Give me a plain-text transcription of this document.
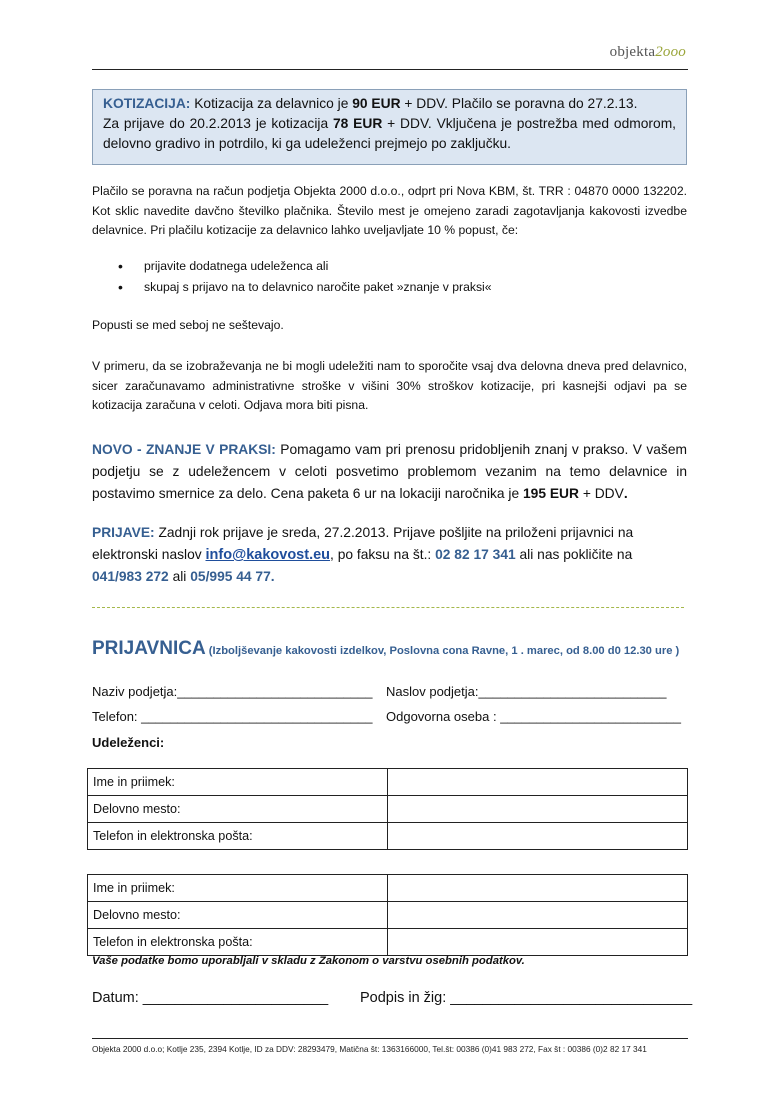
objekta2ooo

KOTIZACIJA: Kotizacija za delavnico je 90 EUR + DDV. Plačilo se poravna do 27.2.13.

Za prijave do 20.2.2013 je kotizacija 78 EUR + DDV. Vključena je postrežba med odmorom, delovno gradivo in potrdilo, ki ga udeleženci prejmejo po zaključku.

Plačilo se poravna na račun podjetja Objekta 2000 d.o.o., odprt pri Nova KBM, št. TRR : 04870 0000 132202. Kot sklic navedite davčno številko plačnika. Število mest je omejeno zaradi zagotavljanja kakovosti izvedbe delavnice. Pri plačilu kotizacije za delavnico lahko uveljavljate 10 % popust, če:
• prijavite dodatnega udeleženca ali
• skupaj s prijavo na to delavnico naročite paket »znanje v praksi«
Popusti se med seboj ne seštevajo.
V primeru, da se izobraževanja ne bi mogli udeležiti nam to sporočite vsaj dva delovna dneva pred delavnico, sicer zaračunavamo administrativne stroške v višini 30% stroškov kotizacije, pri kasnejši odjavi pa se kotizacija zaračuna v celoti. Odjava mora biti pisna.
NOVO - ZNANJE V PRAKSI: Pomagamo vam pri prenosu pridobljenih znanj v prakso. V vašem podjetju se z udeležencem v celoti posvetimo problemom vezanim na temo delavnice in postavimo smernice za delo. Cena paketa 6 ur na lokaciji naročnika je 195 EUR + DDV.
PRIJAVE: Zadnji rok prijave je sreda, 27.2.2013. Prijave pošljite na priloženi prijavnici na elektronski naslov info@kakovost.eu, po faksu na št.: 02 82 17 341 ali nas pokličite na
041/983 272 ali 05/995 44 77.
PRIJAVNICA (Izboljševanje kakovosti izdelkov, Poslovna cona Ravne, 1 . marec, od 8.00 d0 12.30 ure )
Naziv podjetja:___________________________ Naslov podjetja:__________________________
Telefon: ________________________________ Odgovorna oseba : _________________________
Udeleženci:
Ime in priimek:	
Delovno mesto:	
Telefon in elektronska pošta:	
Ime in priimek:	
Delovno mesto:	
Telefon in elektronska pošta:	
Vaše podatke bomo uporabljali v skladu z Zakonom o varstvu osebnih podatkov.
Datum: _______________________ Podpis in žig: ______________________________
Objekta 2000 d.o.o; Kotlje 235, 2394 Kotlje, ID za DDV: 28293479, Matična št: 1363166000, Tel.št: 00386 (0)41 983 272, Fax št : 00386 (0)2 82 17 341
